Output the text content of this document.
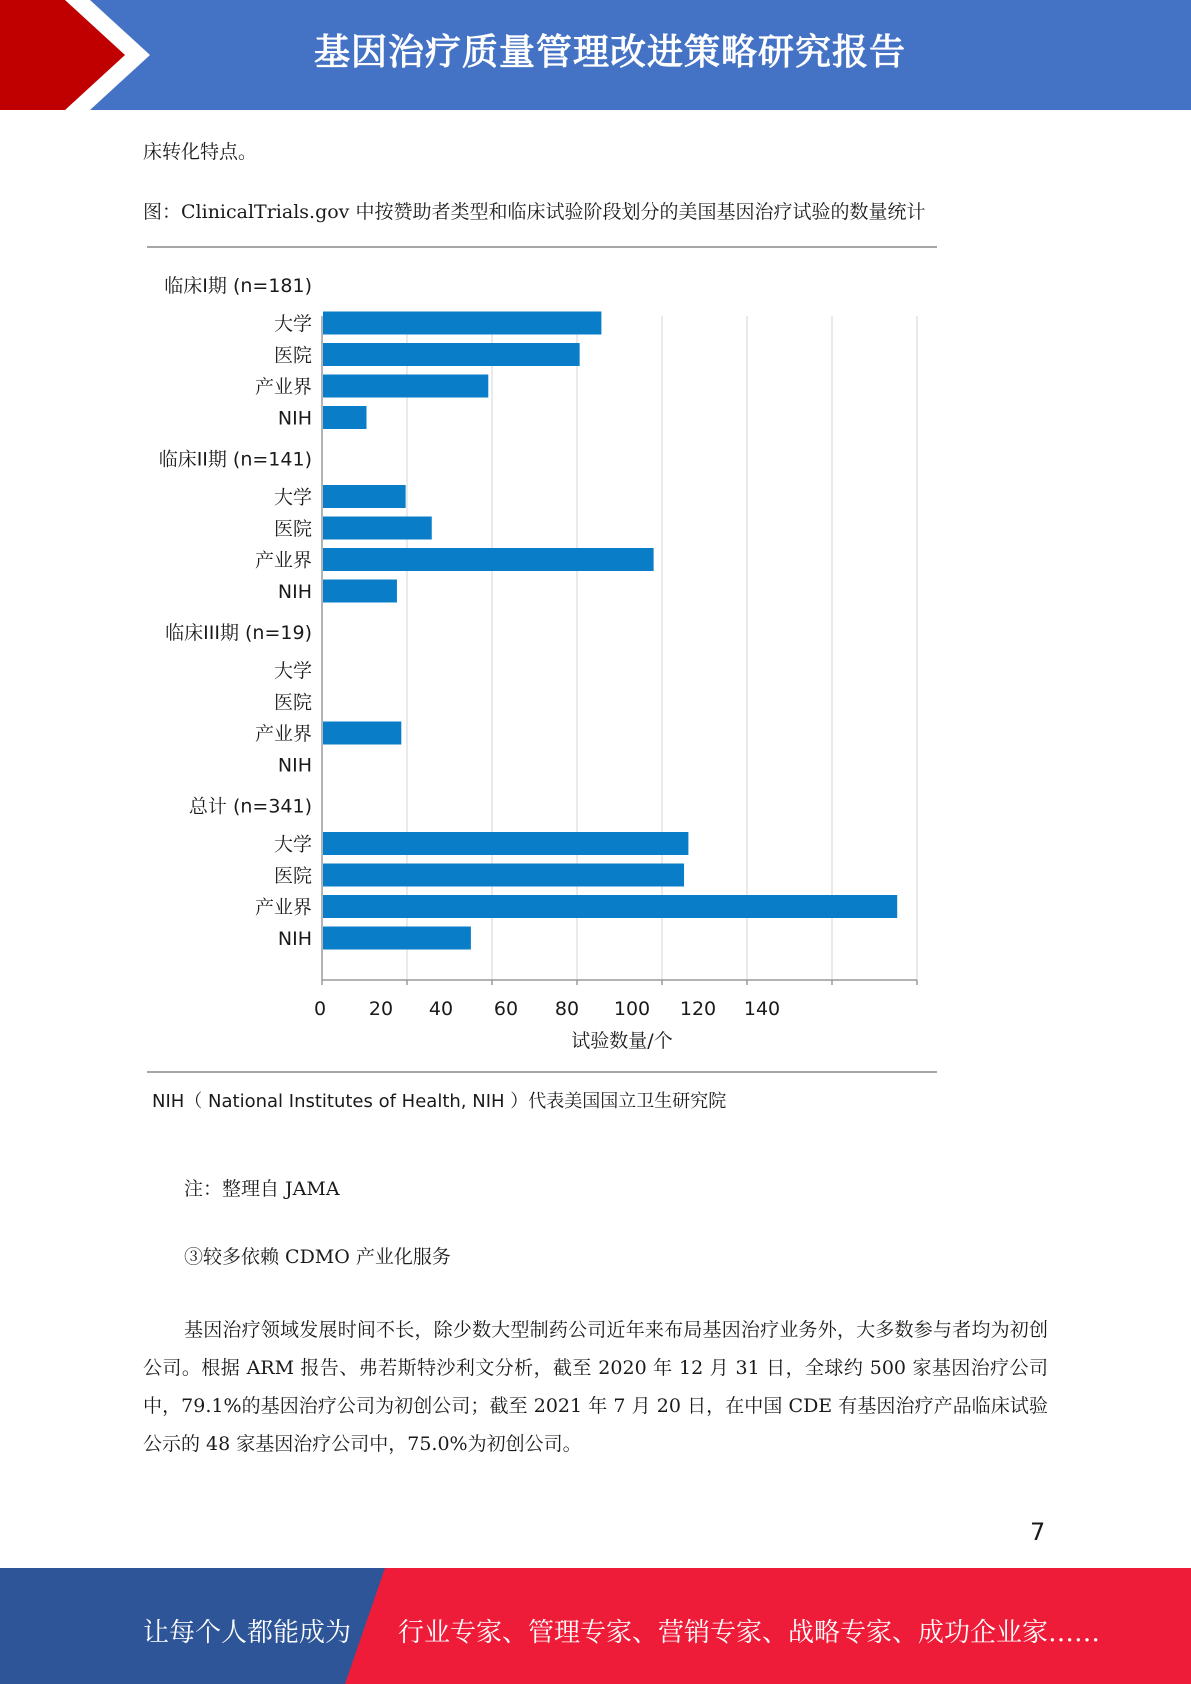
基因治疗质量管理改进策略研究报告
床转化特点。
图：ClinicalTrials.gov 中按赞助者类型和临床试验阶段划分的美国基因治疗试验的数量统计
临床I期 (n=181)
大学
医院
产业界
NIH
临床II期 (n=141)
大学
医院
产业界
NIH
临床III期 (n=19)
大学
医院
产业界
NIH
总计 (n=341)
大学
医院
产业界
NIH
0 20 40 60 80 100 120 140
试验数量/个
NIH（ National Institutes of Health, NIH ）代表美国国立卫生研究院
注：整理自 JAMA
③较多依赖 CDMO 产业化服务
基因治疗领域发展时间不长，除少数大型制药公司近年来布局基因治疗业务外，大多数参与者均为初创公司。根据 ARM 报告、弗若斯特沙利文分析，截至 2020 年 12 月 31 日，全球约 500 家基因治疗公司中，79.1%的基因治疗公司为初创公司；截至 2021 年 7 月 20 日，在中国 CDE 有基因治疗产品临床试验公示的 48 家基因治疗公司中，75.0%为初创公司。
7
让每个人都能成为 行业专家、管理专家、营销专家、战略专家、成功企业家……
